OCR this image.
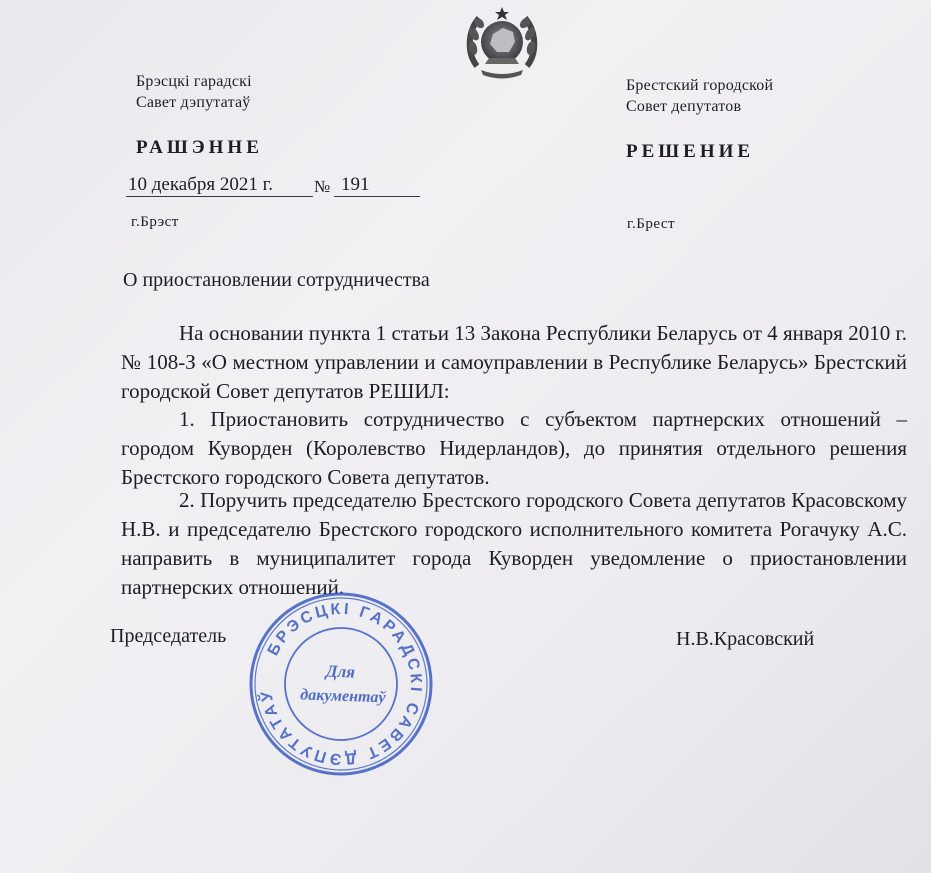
Брэсцкі гарадскі
Савет дэпутатаў
Брестский городской
Совет депутатов
РАШЭННЕ	РЕШЕНИЕ
10 декабря 2021 г. № 191
г.Брэст	г.Брест
О приостановлении сотрудничества
На основании пункта 1 статьи 13 Закона Республики Беларусь от 4 января 2010 г. № 108-З «О местном управлении и самоуправлении в Республике Беларусь» Брестский городской Совет депутатов РЕШИЛ:
1. Приостановить сотрудничество с субъектом партнерских отношений – городом Куворден (Королевство Нидерландов), до принятия отдельного решения Брестского городского Совета депутатов.
2. Поручить председателю Брестского городского Совета депутатов Красовскому Н.В. и председателю Брестского городского исполнительного комитета Рогачуку А.С. направить в муниципалитет города Куворден уведомление о приостановлении партнерских отношений.
Председатель	Н.В.Красовский
БРЭСЦКІ ГАРАДСКІ САВЕТ ДЭПУТАТАЎ
Для
дакументаў
